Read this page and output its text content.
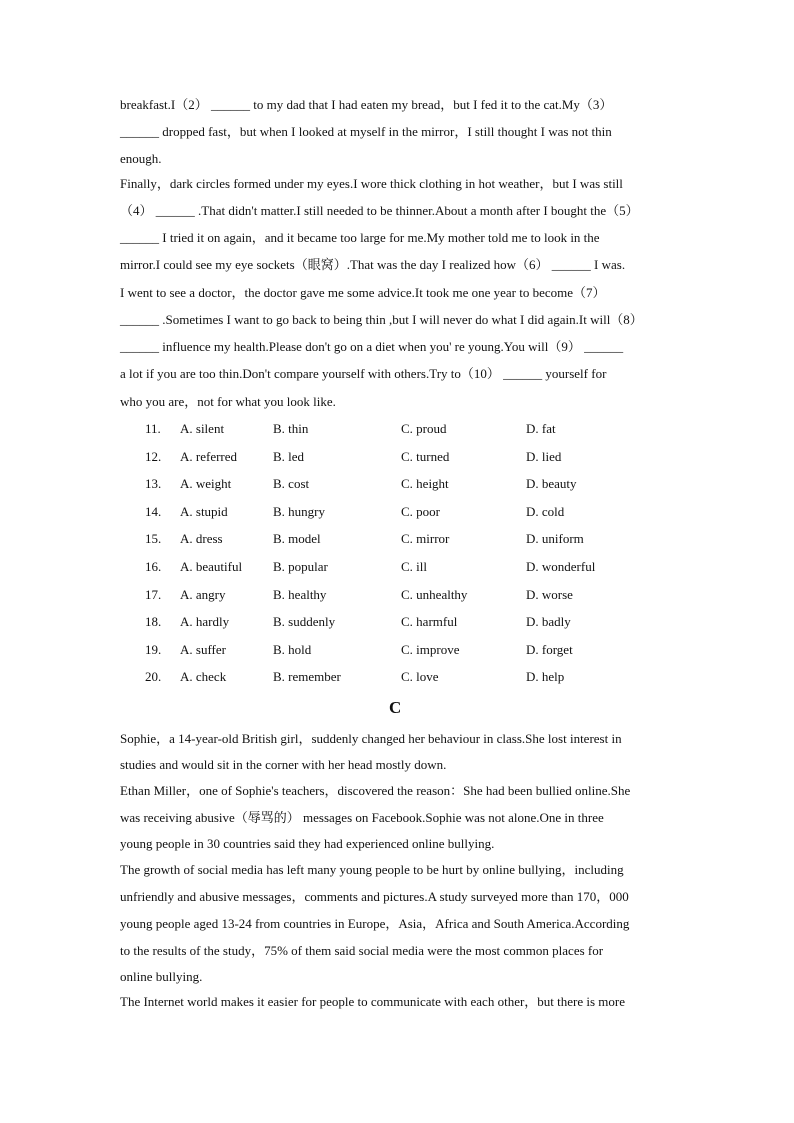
breakfast.I（2） ______ to my dad that I had eaten my bread，but I fed it to the cat.My（3）
______ dropped fast，but when I looked at myself in the mirror，I still thought I was not thin
enough.
Finally，dark circles formed under my eyes.I wore thick clothing in hot weather，but I was still
（4） ______ .That didn't matter.I still needed to be thinner.About a month after I bought the（5）
______ I tried it on again，and it became too large for me.My mother told me to look in the
mirror.I could see my eye sockets（眼窝）.That was the day I realized how（6） ______ I was.
I went to see a doctor，the doctor gave me some advice.It took me one year to become（7）
______ .Sometimes I want to go back to being thin ,but I will never do what I did again.It will（8）
______ influence my health.Please don't go on a diet when you' re young.You will（9） ______
a lot if you are too thin.Don't compare yourself with others.Try to（10） ______ yourself for
who you are，not for what you look like.
11. A. silent	B. thin	C. proud	D. fat
12. A. referred	B. led	C. turned	D. lied
13. A. weight	B. cost	C. height	D. beauty
14. A. stupid	B. hungry	C. poor	D. cold
15. A. dress	B. model	C. mirror	D. uniform
16. A. beautiful B. popular	C. ill	D. wonderful
17. A. angry	B. healthy	C. unhealthy	D. worse
18. A. hardly	B. suddenly	C. harmful	D. badly
19. A. suffer	B. hold	C. improve	D. forget
20. A. check	B. remember	C. love	D. help
C
Sophie，a 14-year-old British girl，suddenly changed her behaviour in class.She lost interest in
studies and would sit in the corner with her head mostly down.
Ethan Miller，one of Sophie's teachers，discovered the reason：She had been bullied online.She
was receiving abusive（辱骂的） messages on Facebook.Sophie was not alone.One in three
young people in 30 countries said they had experienced online bullying.
The growth of social media has left many young people to be hurt by online bullying，including
unfriendly and abusive messages，comments and pictures.A study surveyed more than 170，000
young people aged 13-24 from countries in Europe，Asia，Africa and South America.According
to the results of the study，75% of them said social media were the most common places for
online bullying.
The Internet world makes it easier for people to communicate with each other，but there is more
